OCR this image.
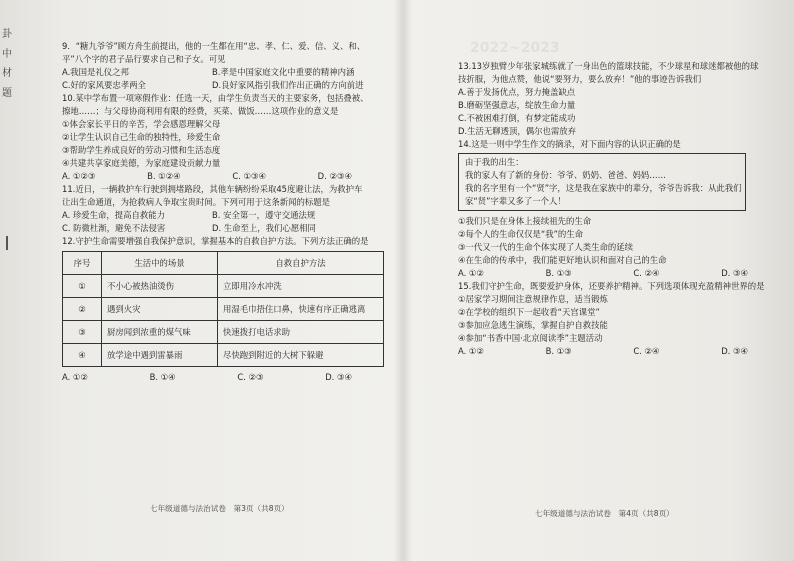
2022~2023
卦
中
材
题

9．“糖九爷爷”顾方舟生前提出，他的一生都在用“忠、孝、仁、爱、信、义、和、

平”八个字的君子品行要求自己和子女。可见

A.我国是礼仪之邦	B.孝是中国家庭文化中重要的精神内涵
C.好的家风要忠孝两全	D.良好家风指引我们作出正确的方向前进

10.某中学布置一项寒假作业：任选一天，由学生负责当天的主要家务，包括叠被、

擦地……；与父母协商利用有限的经费，买菜、做饭……这项作业的意义是

①体会家长平日的辛苦，学会感恩理解父母

②让学生认识自己生命的独特性，珍爱生命

③帮助学生养成良好的劳动习惯和生活态度

④共建共享家庭美德，为家庭建设贡献力量

A. ①②③	B. ①②④	C. ①③④	D. ②③④

11.近日，一辆救护车行驶到拥堵路段，其他车辆纷纷采取45度避让法，为救护车

让出生命通道，为抢救病人争取宝贵时间。下列可用于这条新闻的标题是

A. 珍爱生命，提高自救能力	B. 安全第一，遵守交通法规
C. 防微杜渐，避免不法侵害	D. 生命至上，我们心愿相同

12.守护生命需要增强自我保护意识，掌握基本的自救自护方法。下列方法正确的是

序号	生活中的场景	自救自护方法
①	不小心被热油烫伤	立即用冷水冲洗
②	遇到火灾	用湿毛巾捂住口鼻，快速有序正确逃离
③	厨房闻到浓重的煤气味	快速拨打电话求助
④	放学途中遇到雷暴雨	尽快跑到附近的大树下躲避
A. ①②	B. ①④	C. ②③	D. ③④
七年级道德与法治试卷　第3页（共8页）

13.13岁独臂少年张家城练就了一身出色的篮球技能，不少球星和球迷都被他的球

技折服，为他点赞，他说“要努力，要么放弃！”他的事迹告诉我们

A.善于发扬优点，努力掩盖缺点

B.磨砺坚强意志，绽放生命力量

C.不被困难打倒，有梦定能成功

D.生活无聊透顶，偶尔也需放弃

14.这是一则中学生作文的摘录，对下面内容的认识正确的是

由于我的出生：

我的家人有了新的身份：爷爷、奶奶、爸爸、妈妈……

我的名字里有一个“贤”字，这是我在家族中的辈分，爷爷告诉我：从此我们

家“贤”字辈又多了一个人！

①我们只是在身体上接续祖先的生命

②每个人的生命仅仅是“我”的生命

③一代又一代的生命个体实现了人类生命的延续

④在生命的传承中，我们能更好地认识和面对自己的生命

A. ①②	B. ①③	C. ②④	D. ③④

15.我们守护生命，既要爱护身体，还要养护精神。下列选项体现充盈精神世界的是

①居家学习期间注意规律作息，适当锻炼

②在学校的组织下一起收看“天宫课堂”

③参加应急逃生演练，掌握自护自救技能

④参加“书香中国·北京阅读季”主题活动

A. ①②	B. ①③	C. ②④	D. ③④
七年级道德与法治试卷　第4页（共8页）
